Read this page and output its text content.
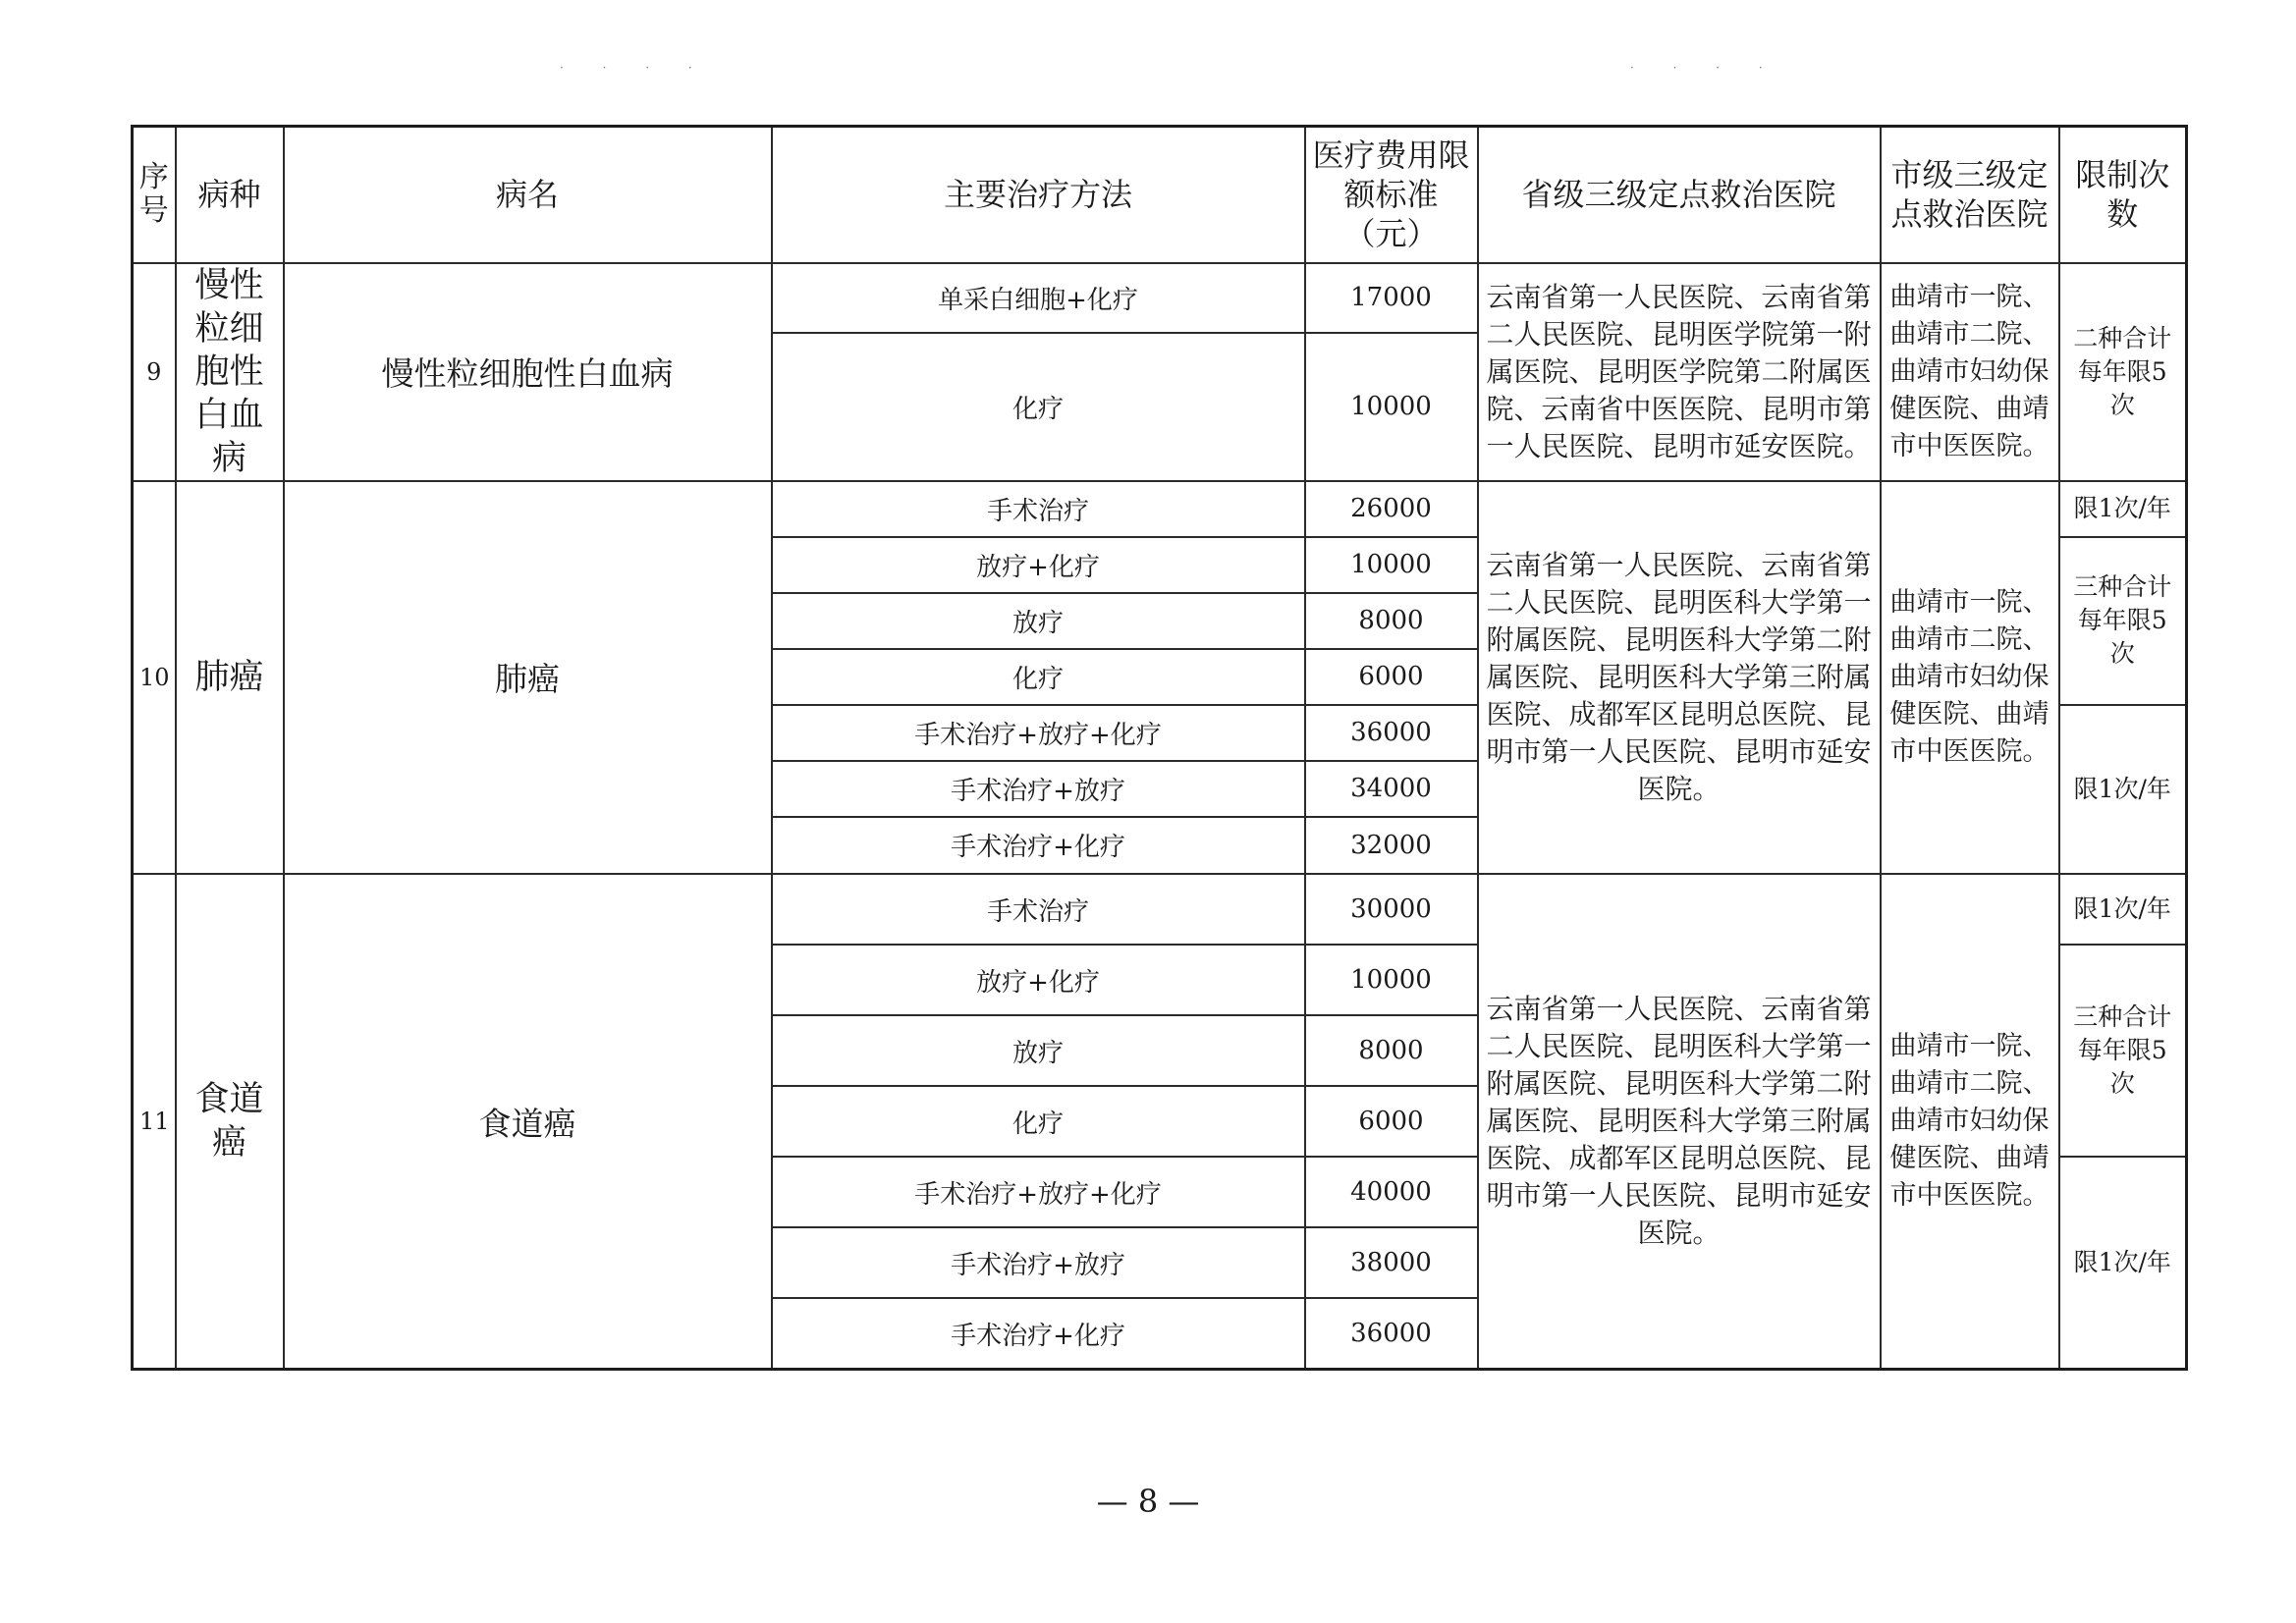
· · · ·	· · · ·
序号	病种	病名	主要治疗方法	医疗费用限额标准（元）	省级三级定点救治医院	市级三级定点救治医院	限制次数
9	慢性粒细胞性白血病	慢性粒细胞性白血病	单采白细胞+化疗	17000	云南省第一人民医院、云南省第二人民医院、昆明医学院第一附属医院、昆明医学院第二附属医院、云南省中医医院、昆明市第一人民医院、昆明市延安医院。	曲靖市一院、曲靖市二院、曲靖市妇幼保健医院、曲靖市中医医院。	二种合计每年限5次
			化疗	10000			
10	肺癌	肺癌	手术治疗	26000	云南省第一人民医院、云南省第二人民医院、昆明医科大学第一附属医院、昆明医科大学第二附属医院、昆明医科大学第三附属医院、成都军区昆明总医院、昆明市第一人民医院、昆明市延安医院。	曲靖市一院、曲靖市二院、曲靖市妇幼保健医院、曲靖市中医医院。	限1次/年
			放疗+化疗	10000			三种合计每年限5次
			放疗	8000			
			化疗	6000			
			手术治疗+放疗+化疗	36000			限1次/年
			手术治疗+放疗	34000			
			手术治疗+化疗	32000			
11	食道癌	食道癌	手术治疗	30000	云南省第一人民医院、云南省第二人民医院、昆明医科大学第一附属医院、昆明医科大学第二附属医院、昆明医科大学第三附属医院、成都军区昆明总医院、昆明市第一人民医院、昆明市延安医院。	曲靖市一院、曲靖市二院、曲靖市妇幼保健医院、曲靖市中医医院。	限1次/年
			放疗+化疗	10000			三种合计每年限5次
			放疗	8000			
			化疗	6000			
			手术治疗+放疗+化疗	40000			限1次/年
			手术治疗+放疗	38000			
			手术治疗+化疗	36000			
— 8 —
